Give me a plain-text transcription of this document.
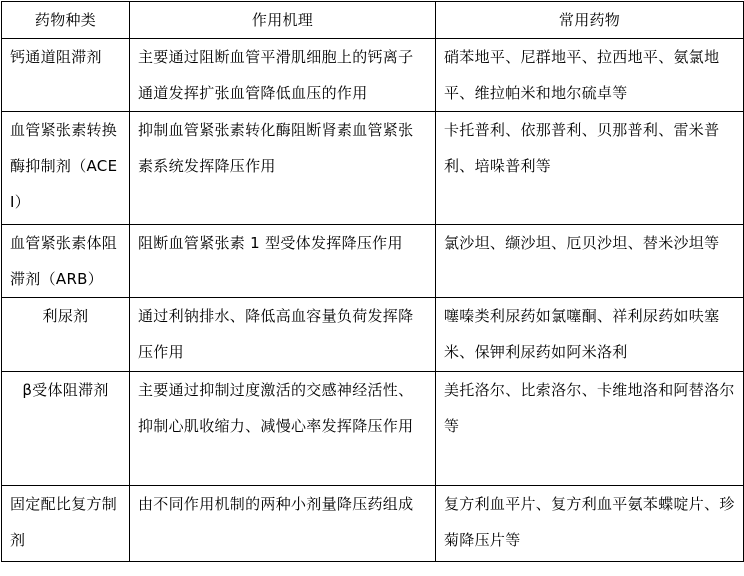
药物种类	作用机理	常用药物
钙通道阻滞剂	主要通过阻断血管平滑肌细胞上的钙离子通道发挥扩张血管降低血压的作用	硝苯地平、尼群地平、拉西地平、氨氯地平、维拉帕米和地尔硫卓等
血管紧张素转换酶抑制剂（ACEI）	抑制血管紧张素转化酶阻断肾素血管紧张素系统发挥降压作用	卡托普利、依那普利、贝那普利、雷米普利、培哚普利等
血管紧张素体阻滞剂（ARB）	阻断血管紧张素 1 型受体发挥降压作用	氯沙坦、缬沙坦、厄贝沙坦、替米沙坦等
利尿剂	通过利钠排水、降低高血容量负荷发挥降压作用	噻嗪类利尿药如氯噻酮、祥利尿药如呋塞米、保钾利尿药如阿米洛利
β受体阻滞剂	主要通过抑制过度激活的交感神经活性、抑制心肌收缩力、减慢心率发挥降压作用	美托洛尔、比索洛尔、卡维地洛和阿替洛尔等
固定配比复方制剂	由不同作用机制的两种小剂量降压药组成	复方利血平片、复方利血平氨苯蝶啶片、珍菊降压片等
